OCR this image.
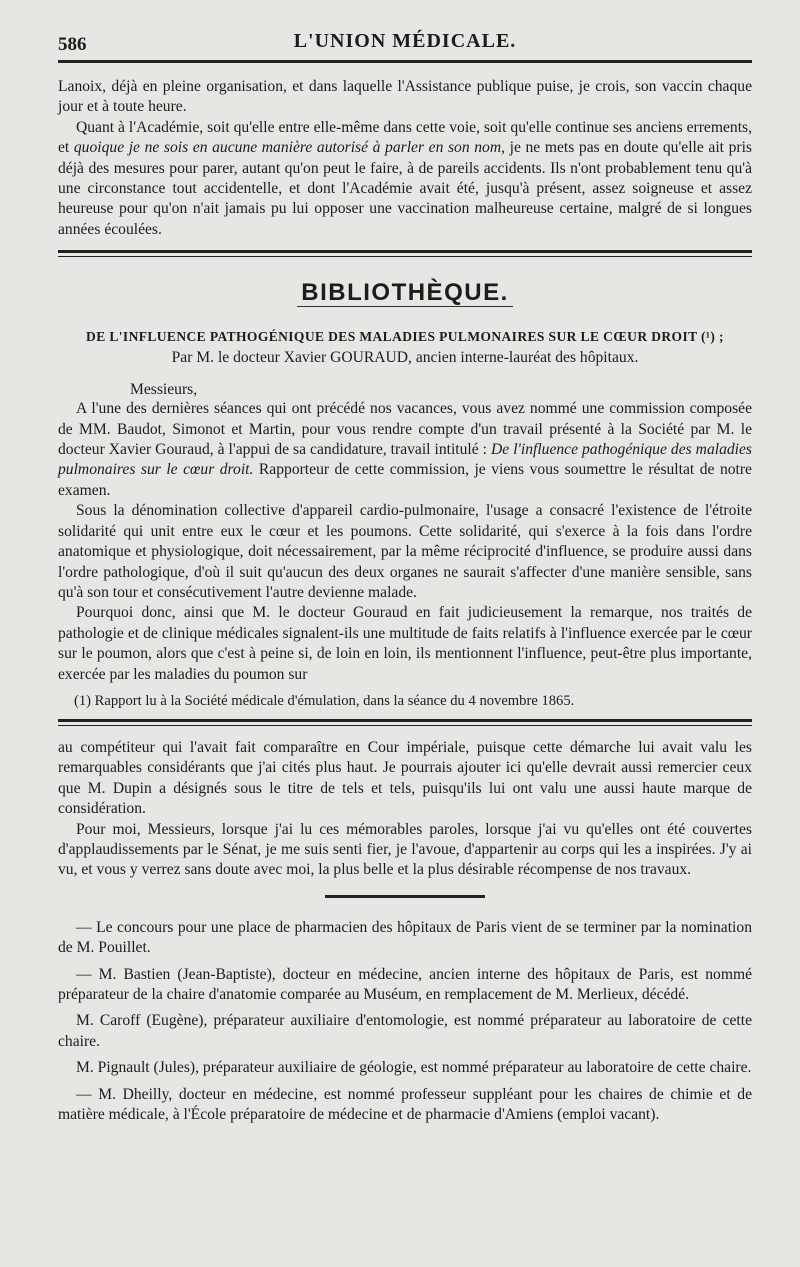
586	L'UNION MÉDICALE.

Lanoix, déjà en pleine organisation, et dans laquelle l'Assistance publique puise, je crois, son vaccin chaque jour et à toute heure.

Quant à l'Académie, soit qu'elle entre elle-même dans cette voie, soit qu'elle continue ses anciens errements, et quoique je ne sois en aucune manière autorisé à parler en son nom, je ne mets pas en doute qu'elle ait pris déjà des mesures pour parer, autant qu'on peut le faire, à de pareils accidents. Ils n'ont probablement tenu qu'à une circonstance tout accidentelle, et dont l'Académie avait été, jusqu'à présent, assez soigneuse et assez heureuse pour qu'on n'ait jamais pu lui opposer une vaccination malheureuse certaine, malgré de si longues années écoulées.

BIBLIOTHÈQUE.
DE L'INFLUENCE PATHOGÉNIQUE DES MALADIES PULMONAIRES SUR LE CŒUR DROIT (¹) ;
Par M. le docteur Xavier GOURAUD, ancien interne-lauréat des hôpitaux.
Messieurs,

A l'une des dernières séances qui ont précédé nos vacances, vous avez nommé une commission composée de MM. Baudot, Simonot et Martin, pour vous rendre compte d'un travail présenté à la Société par M. le docteur Xavier Gouraud, à l'appui de sa candidature, travail intitulé : De l'influence pathogénique des maladies pulmonaires sur le cœur droit. Rapporteur de cette commission, je viens vous soumettre le résultat de notre examen.

Sous la dénomination collective d'appareil cardio-pulmonaire, l'usage a consacré l'existence de l'étroite solidarité qui unit entre eux le cœur et les poumons. Cette solidarité, qui s'exerce à la fois dans l'ordre anatomique et physiologique, doit nécessairement, par la même réciprocité d'influence, se produire aussi dans l'ordre pathologique, d'où il suit qu'aucun des deux organes ne saurait s'affecter d'une manière sensible, sans qu'à son tour et consécutivement l'autre devienne malade.

Pourquoi donc, ainsi que M. le docteur Gouraud en fait judicieusement la remarque, nos traités de pathologie et de clinique médicales signalent-ils une multitude de faits relatifs à l'influence exercée par le cœur sur le poumon, alors que c'est à peine si, de loin en loin, ils mentionnent l'influence, peut-être plus importante, exercée par les maladies du poumon sur

(1) Rapport lu à la Société médicale d'émulation, dans la séance du 4 novembre 1865.

au compétiteur qui l'avait fait comparaître en Cour impériale, puisque cette démarche lui avait valu les remarquables considérants que j'ai cités plus haut. Je pourrais ajouter ici qu'elle devrait aussi remercier ceux que M. Dupin a désignés sous le titre de tels et tels, puisqu'ils lui ont valu une aussi haute marque de considération.

Pour moi, Messieurs, lorsque j'ai lu ces mémorables paroles, lorsque j'ai vu qu'elles ont été couvertes d'applaudissements par le Sénat, je me suis senti fier, je l'avoue, d'appartenir au corps qui les a inspirées. J'y ai vu, et vous y verrez sans doute avec moi, la plus belle et la plus désirable récompense de nos travaux.

— Le concours pour une place de pharmacien des hôpitaux de Paris vient de se terminer par la nomination de M. Pouillet.

— M. Bastien (Jean-Baptiste), docteur en médecine, ancien interne des hôpitaux de Paris, est nommé préparateur de la chaire d'anatomie comparée au Muséum, en remplacement de M. Merlieux, décédé.

M. Caroff (Eugène), préparateur auxiliaire d'entomologie, est nommé préparateur au laboratoire de cette chaire.

M. Pignault (Jules), préparateur auxiliaire de géologie, est nommé préparateur au laboratoire de cette chaire.

— M. Dheilly, docteur en médecine, est nommé professeur suppléant pour les chaires de chimie et de matière médicale, à l'École préparatoire de médecine et de pharmacie d'Amiens (emploi vacant).
